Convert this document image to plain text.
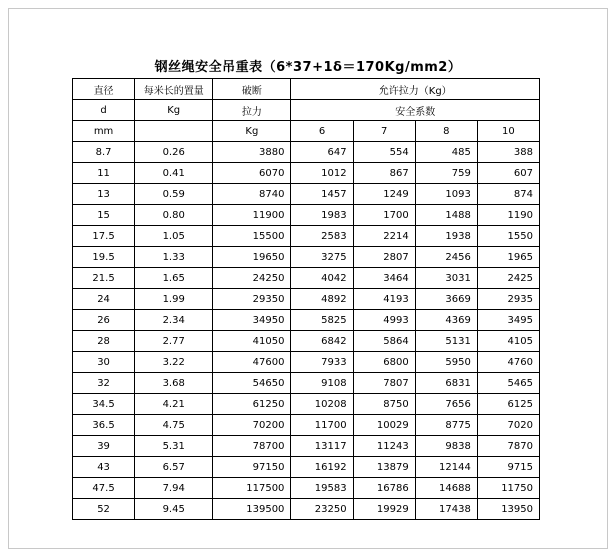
钢丝绳安全吊重表（6*37+1δ＝170Kg/mm2）
直径	每米长的置量	破断	允许拉力（Kg）			
d	Kg	拉力	安全系数			
mm		Kg	6	7	8	10
8.7	0.26	3880	647	554	485	388
11	0.41	6070	1012	867	759	607
13	0.59	8740	1457	1249	1093	874
15	0.80	11900	1983	1700	1488	1190
17.5	1.05	15500	2583	2214	1938	1550
19.5	1.33	19650	3275	2807	2456	1965
21.5	1.65	24250	4042	3464	3031	2425
24	1.99	29350	4892	4193	3669	2935
26	2.34	34950	5825	4993	4369	3495
28	2.77	41050	6842	5864	5131	4105
30	3.22	47600	7933	6800	5950	4760
32	3.68	54650	9108	7807	6831	5465
34.5	4.21	61250	10208	8750	7656	6125
36.5	4.75	70200	11700	10029	8775	7020
39	5.31	78700	13117	11243	9838	7870
43	6.57	97150	16192	13879	12144	9715
47.5	7.94	117500	19583	16786	14688	11750
52	9.45	139500	23250	19929	17438	13950
